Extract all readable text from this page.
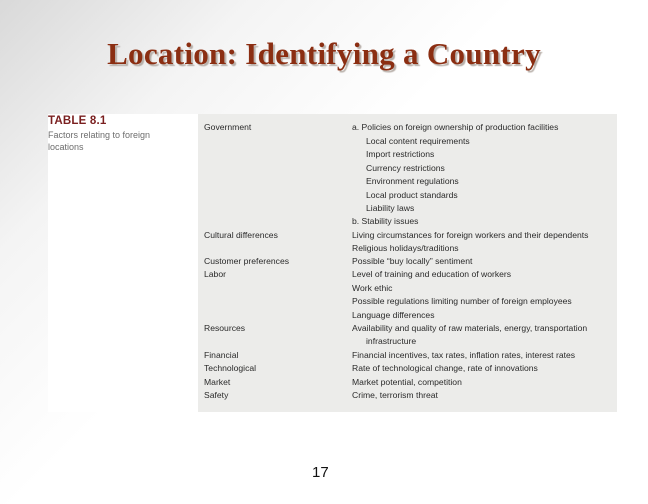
Location: Identifying a Country
TABLE 8.1
Factors relating to foreign locations
Government
Cultural differences
Customer preferences
Labor
Resources
Financial
Technological
Market
Safety
a. Policies on foreign ownership of production facilities
Local content requirements
Import restrictions
Currency restrictions
Environment regulations
Local product standards
Liability laws
b. Stability issues
Living circumstances for foreign workers and their dependents
Religious holidays/traditions
Possible “buy locally” sentiment
Level of training and education of workers
Work ethic
Possible regulations limiting number of foreign employees
Language differences
Availability and quality of raw materials, energy, transportation
infrastructure
Financial incentives, tax rates, inflation rates, interest rates
Rate of technological change, rate of innovations
Market potential, competition
Crime, terrorism threat
17
